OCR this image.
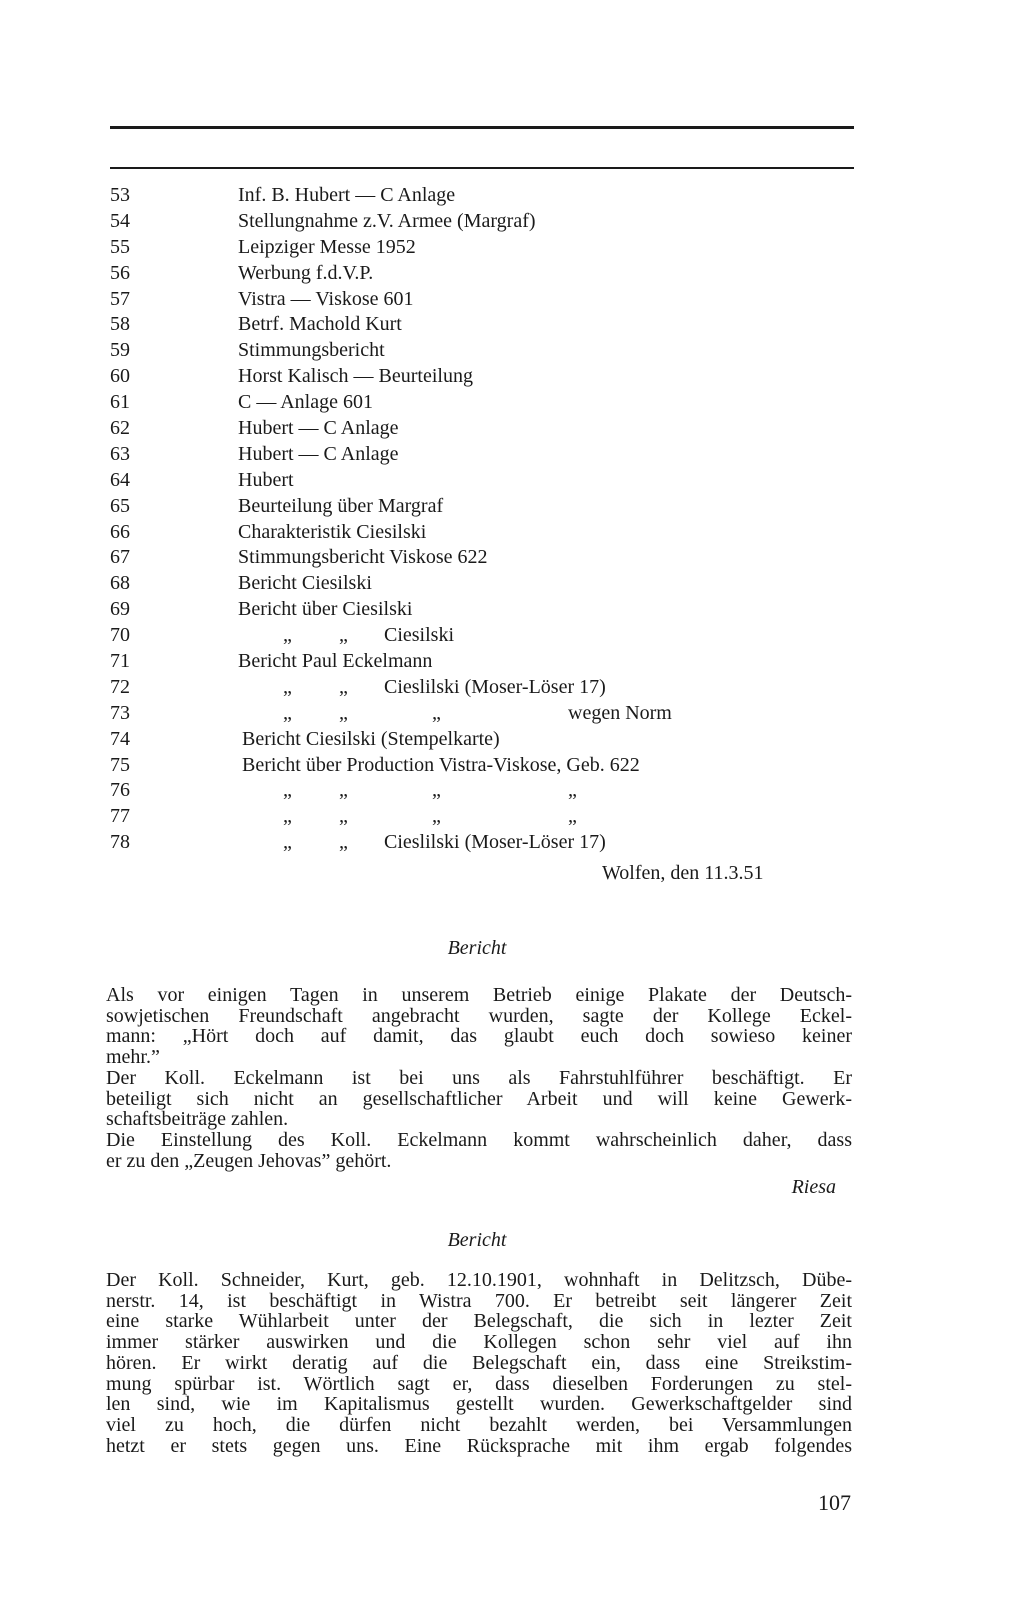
53	Inf. B. Hubert — C Anlage
54	Stellungnahme z.V. Armee (Margraf)
55	Leipziger Messe 1952
56	Werbung f.d.V.P.
57	Vistra — Viskose 601
58	Betrf. Machold Kurt
59	Stimmungsbericht
60	Horst Kalisch — Beurteilung
61	C — Anlage 601
62	Hubert — C Anlage
63	Hubert — C Anlage
64	Hubert
65	Beurteilung über Margraf
66	Charakteristik Ciesilski
67	Stimmungsbericht Viskose 622
68	Bericht Ciesilski
69	Bericht über Ciesilski
70	„ „ Ciesilski
71	Bericht Paul Eckelmann
72	„ „ Cieslilski (Moser-Löser 17)
73	„ „	„	wegen Norm
74	Bericht Ciesilski (Stempelkarte)
75	Bericht über Production Vistra-Viskose, Geb. 622
76	„ „	„	„
77	„ „	„	„
78	„ „ Cieslilski (Moser-Löser 17)
Wolfen, den 11.3.51
Bericht
Als vor einigen Tagen in unserem Betrieb einige Plakate der Deutsch-
sowjetischen Freundschaft angebracht wurden, sagte der Kollege Eckel-
mann: „Hört doch auf damit, das glaubt euch doch sowieso keiner
mehr.”
Der Koll. Eckelmann ist bei uns als Fahrstuhlführer beschäftigt. Er
beteiligt sich nicht an gesellschaftlicher Arbeit und will keine Gewerk-
schaftsbeiträge zahlen.
Die Einstellung des Koll. Eckelmann kommt wahrscheinlich daher, dass
er zu den „Zeugen Jehovas” gehört.
Riesa
Bericht
Der Koll. Schneider, Kurt, geb. 12.10.1901, wohnhaft in Delitzsch, Dübe-
nerstr. 14, ist beschäftigt in Wistra 700. Er betreibt seit längerer Zeit
eine starke Wühlarbeit unter der Belegschaft, die sich in lezter Zeit
immer stärker auswirken und die Kollegen schon sehr viel auf ihn
hören. Er wirkt deratig auf die Belegschaft ein, dass eine Streikstim-
mung spürbar ist. Wörtlich sagt er, dass dieselben Forderungen zu stel-
len sind, wie im Kapitalismus gestellt wurden. Gewerkschaftgelder sind
viel zu hoch, die dürfen nicht bezahlt werden, bei Versammlungen
hetzt er stets gegen uns. Eine Rücksprache mit ihm ergab folgendes
107
